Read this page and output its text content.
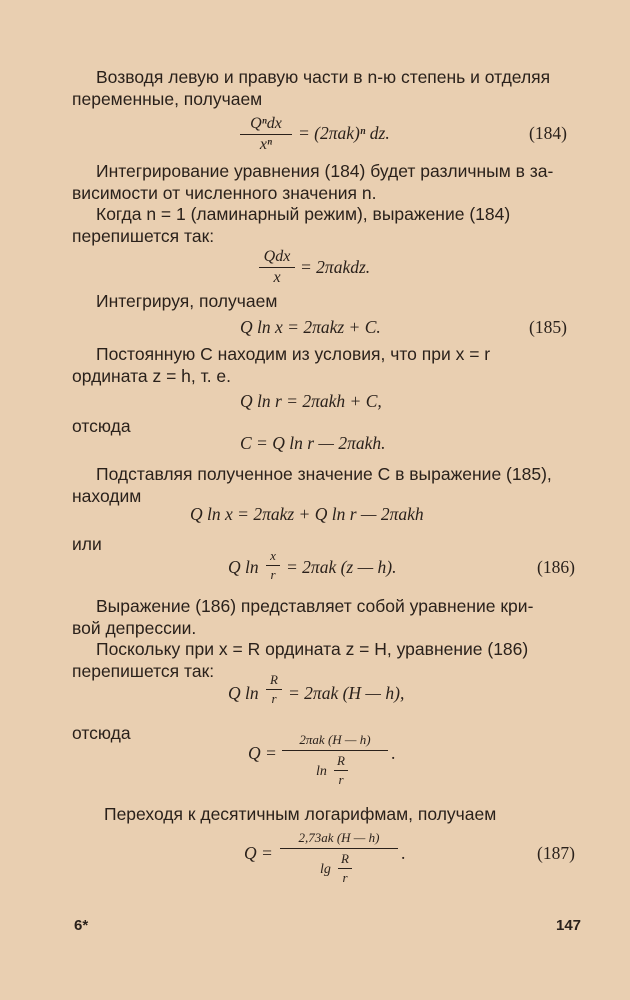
Возводя левую и правую части в n-ю степень и отделяя
переменные, получаем
Qⁿdx
xⁿ
= (2πak)ⁿ dz.	(184)
Интегрирование уравнения (184) будет различным в за-
висимости от численного значения n.
Когда n = 1 (ламинарный режим), выражение (184)
перепишется так:
Qdx
x
= 2πakdz.
Интегрируя, получаем
Q ln x = 2πakz + C.	(185)
Постоянную C находим из условия, что при x = r
ордината z = h, т. е.
Q ln r = 2πakh + C,
отсюда
C = Q ln r — 2πakh.
Подставляя полученное значение C в выражение (185),
находим
Q ln x = 2πakz + Q ln r — 2πakh
или
Q ln
x
r = 2πak (z — h).	(186)
Выражение (186) представляет собой уравнение кри-
вой депрессии.
Поскольку при x = R ордината z = H, уравнение (186)
перепишется так:
Q ln
R
r = 2πak (H — h),
отсюда
Q =
2πak (H — h)
ln
R
r
.
Переходя к десятичным логарифмам, получаем
Q =
2,73ak (H — h)
lg
R
r
.	(187)
6*	147
